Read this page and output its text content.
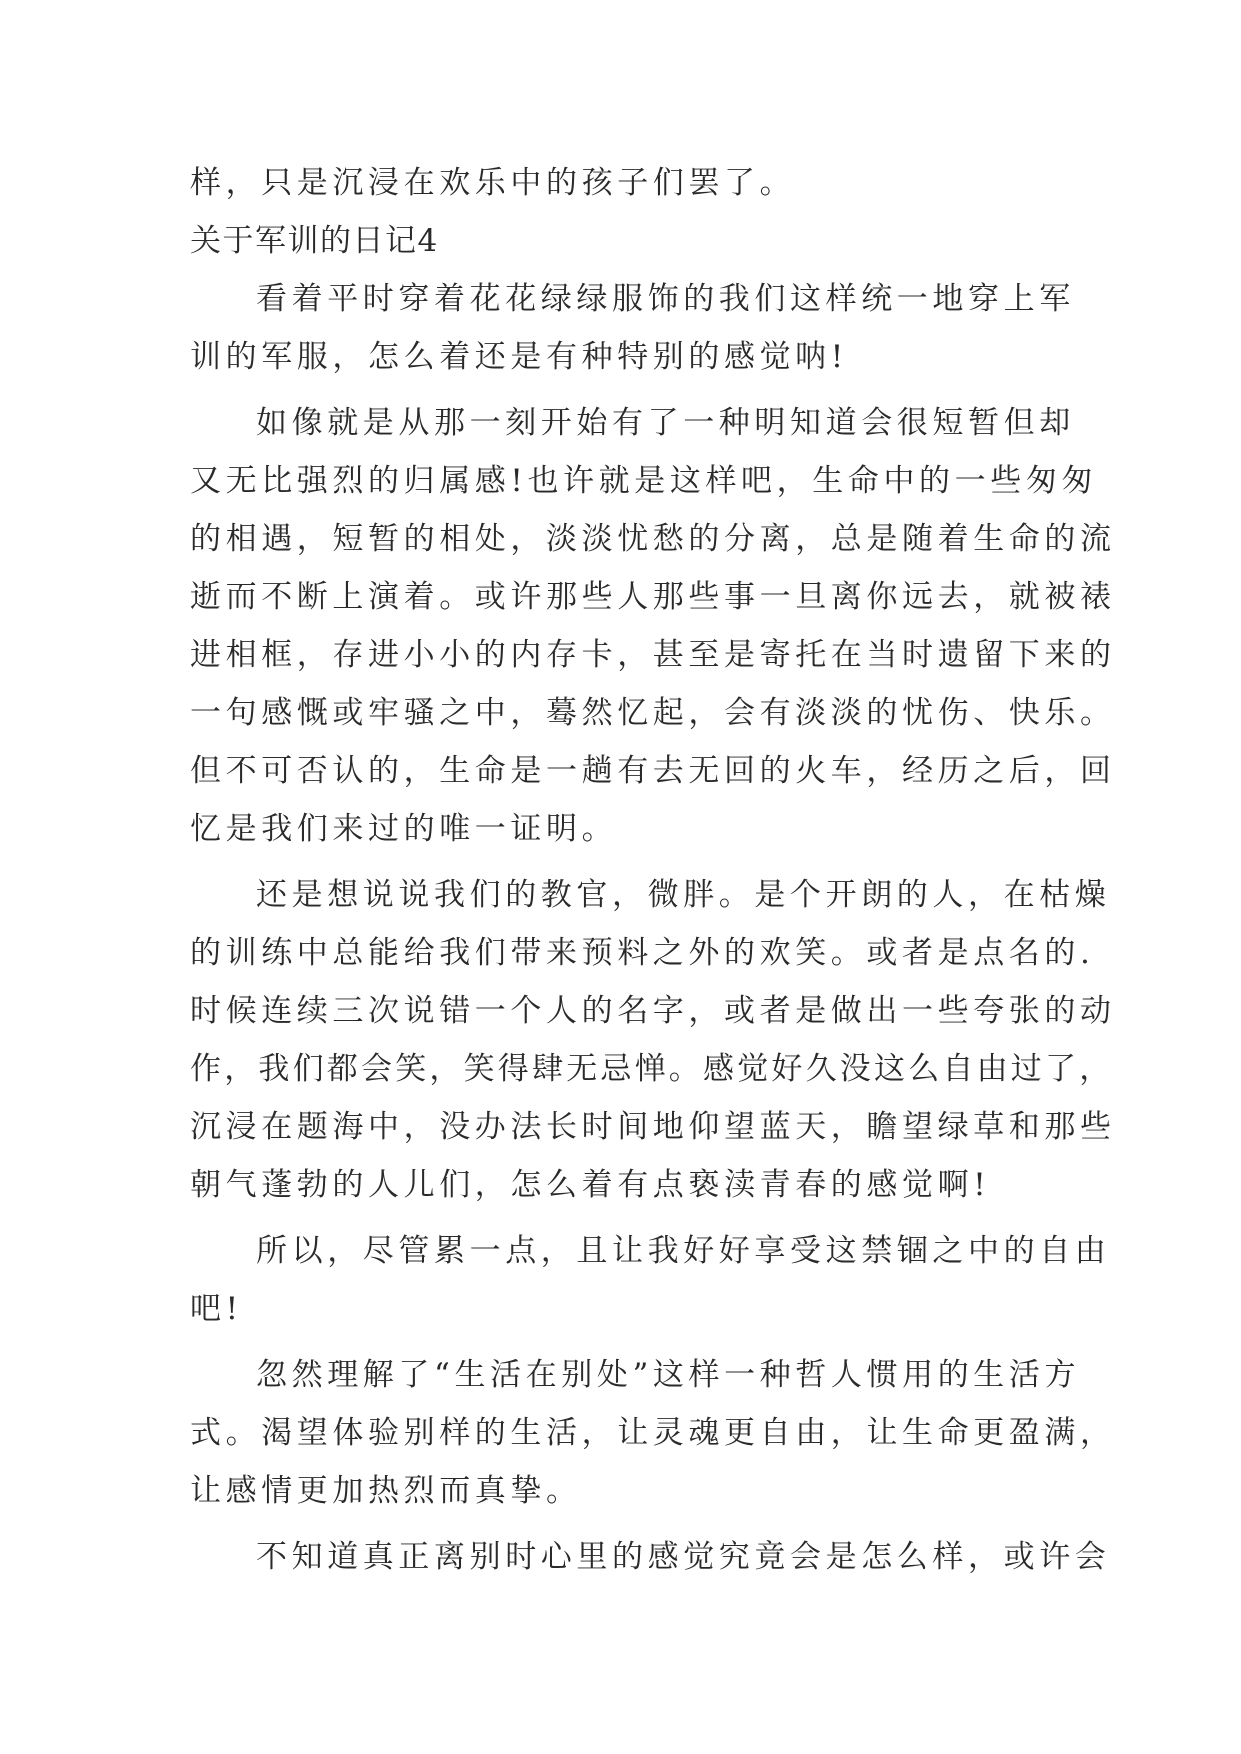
样，只是沉浸在欢乐中的孩子们罢了。
关于军训的日记4
看着平时穿着花花绿绿服饰的我们这样统一地穿上军
训的军服，怎么着还是有种特别的感觉呐!
如像就是从那一刻开始有了一种明知道会很短暂但却
又无比强烈的归属感!也许就是这样吧，生命中的一些匆匆
的相遇，短暂的相处，淡淡忧愁的分离，总是随着生命的流
逝而不断上演着。或许那些人那些事一旦离你远去，就被裱
进相框，存进小小的内存卡，甚至是寄托在当时遗留下来的
一句感慨或牢骚之中，蓦然忆起，会有淡淡的忧伤、快乐。
但不可否认的，生命是一趟有去无回的火车，经历之后，回
忆是我们来过的唯一证明。
还是想说说我们的教官，微胖。是个开朗的人，在枯燥
的训练中总能给我们带来预料之外的欢笑。或者是点名的.
时候连续三次说错一个人的名字，或者是做出一些夸张的动
作，我们都会笑，笑得肆无忌惮。感觉好久没这么自由过了，
沉浸在题海中，没办法长时间地仰望蓝天，瞻望绿草和那些
朝气蓬勃的人儿们，怎么着有点亵渎青春的感觉啊!
所以，尽管累一点，且让我好好享受这禁锢之中的自由
吧!
忽然理解了“生活在别处”这样一种哲人惯用的生活方
式。渴望体验别样的生活，让灵魂更自由，让生命更盈满，
让感情更加热烈而真挚。
不知道真正离别时心里的感觉究竟会是怎么样，或许会
